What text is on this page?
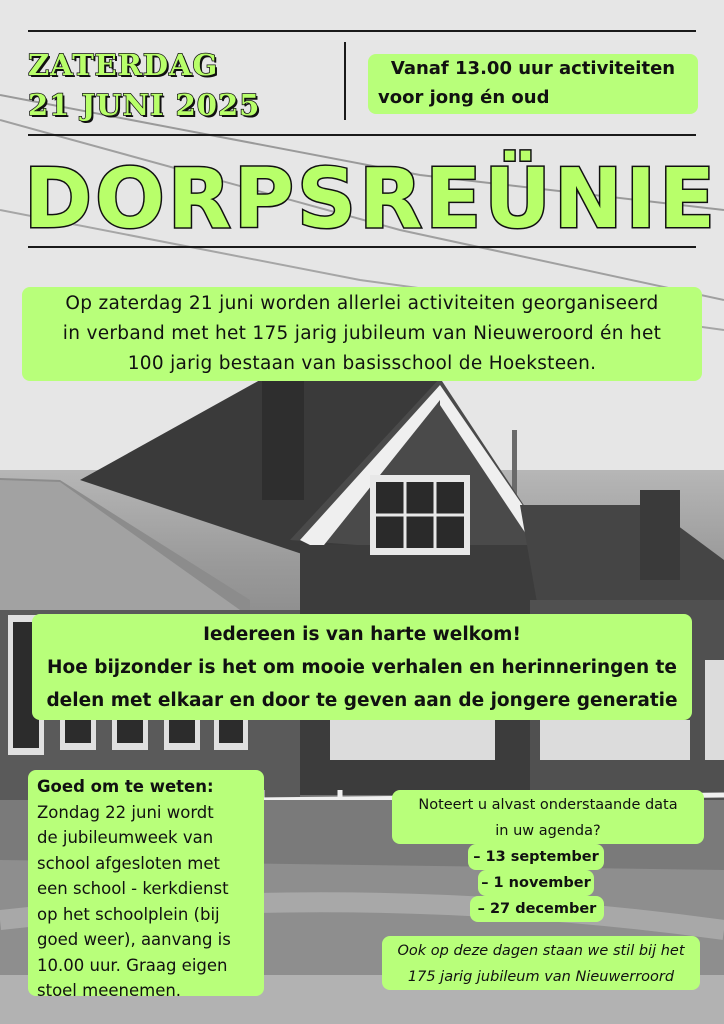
ZATERDAG
21 JUNI 2025
Vanaf 13.00 uur activiteiten
voor jong én oud
DORPSREÜNIE
Op zaterdag 21 juni worden allerlei activiteiten georganiseerd
in verband met het 175 jarig jubileum van Nieuweroord én het
100 jarig bestaan van basisschool de Hoeksteen.
Iedereen is van harte welkom!
Hoe bijzonder is het om mooie verhalen en herinneringen te
delen met elkaar en door te geven aan de jongere generatie
Goed om te weten:
Zondag 22 juni wordt
de jubileumweek van
school afgesloten met
een school - kerkdienst
op het schoolplein (bij
goed weer), aanvang is
10.00 uur. Graag eigen
stoel meenemen.
Noteert u alvast onderstaande data
in uw agenda?
– 13 september
– 1 november
– 27 december
Ook op deze dagen staan we stil bij het
175 jarig jubileum van Nieuwerroord
